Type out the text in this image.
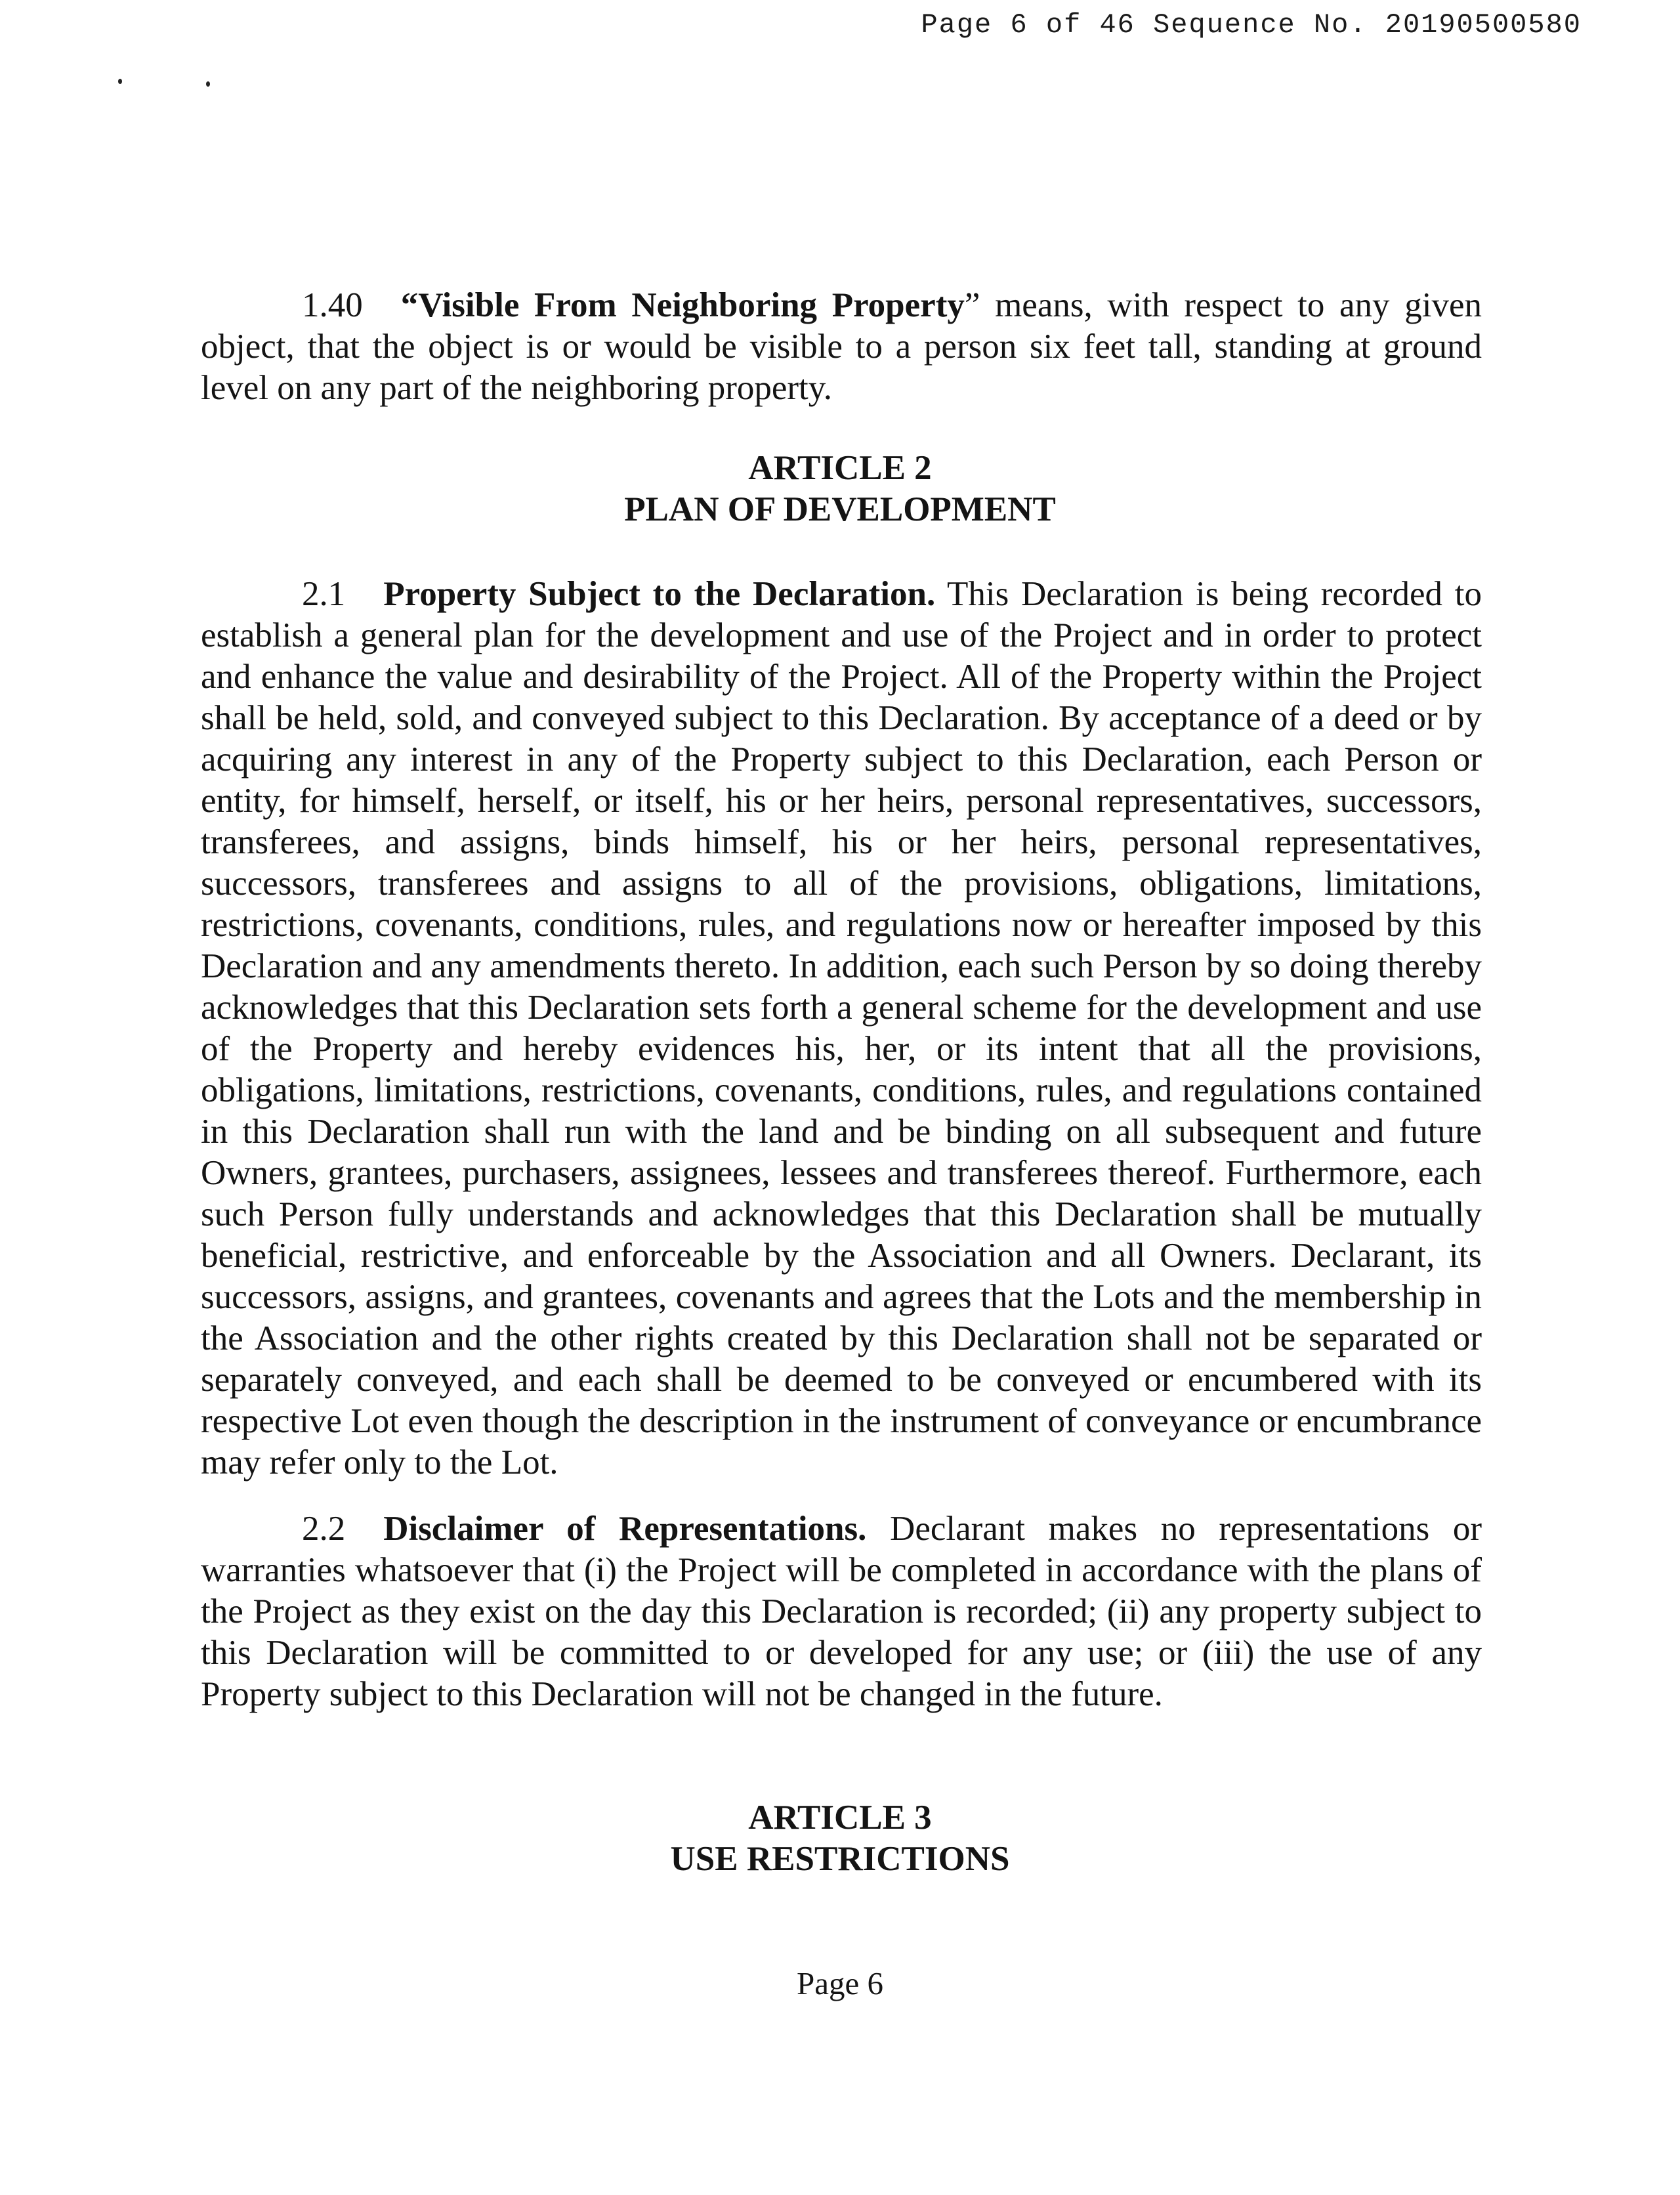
Page 6 of 46 Sequence No. 20190500580

1.40 “Visible From Neighboring Property” means, with respect to any given object, that the object is or would be visible to a person six feet tall, standing at ground level on any part of the neighboring property.

ARTICLE 2
PLAN OF DEVELOPMENT

2.1 Property Subject to the Declaration. This Declaration is being recorded to establish a general plan for the development and use of the Project and in order to protect and enhance the value and desirability of the Project. All of the Property within the Project shall be held, sold, and conveyed subject to this Declaration. By acceptance of a deed or by acquiring any interest in any of the Property subject to this Declaration, each Person or entity, for himself, herself, or itself, his or her heirs, personal representatives, successors, transferees, and assigns, binds himself, his or her heirs, personal representatives, successors, transferees and assigns to all of the provisions, obligations, limitations, restrictions, covenants, conditions, rules, and regulations now or hereafter imposed by this Declaration and any amendments thereto. In addition, each such Person by so doing thereby acknowledges that this Declaration sets forth a general scheme for the development and use of the Property and hereby evidences his, her, or its intent that all the provisions, obligations, limitations, restrictions, covenants, conditions, rules, and regulations contained in this Declaration shall run with the land and be binding on all subsequent and future Owners, grantees, purchasers, assignees, lessees and transferees thereof. Furthermore, each such Person fully understands and acknowledges that this Declaration shall be mutually beneficial, restrictive, and enforceable by the Association and all Owners. Declarant, its successors, assigns, and grantees, covenants and agrees that the Lots and the membership in the Association and the other rights created by this Declaration shall not be separated or separately conveyed, and each shall be deemed to be conveyed or encumbered with its respective Lot even though the description in the instrument of conveyance or encumbrance may refer only to the Lot.

2.2 Disclaimer of Representations. Declarant makes no representations or warranties whatsoever that (i) the Project will be completed in accordance with the plans of the Project as they exist on the day this Declaration is recorded; (ii) any property subject to this Declaration will be committed to or developed for any use; or (iii) the use of any Property subject to this Declaration will not be changed in the future.

ARTICLE 3
USE RESTRICTIONS
Page 6
